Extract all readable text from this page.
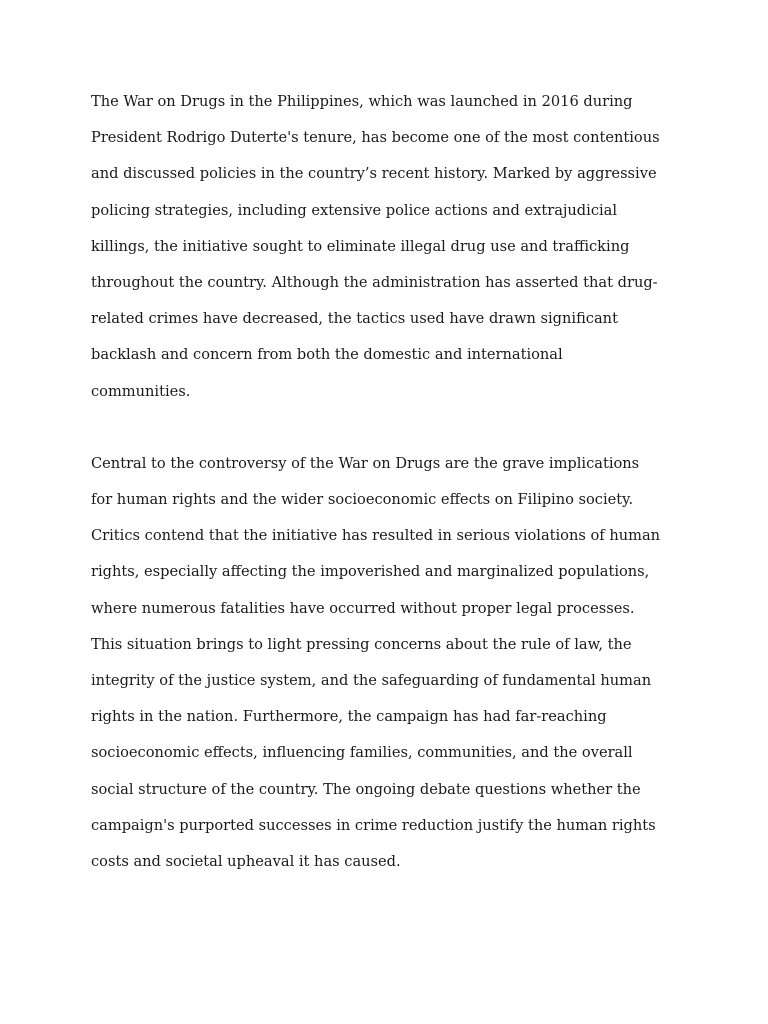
The War on Drugs in the Philippines, which was launched in 2016 during
President Rodrigo Duterte's tenure, has become one of the most contentious
and discussed policies in the country’s recent history. Marked by aggressive
policing strategies, including extensive police actions and extrajudicial
killings, the initiative sought to eliminate illegal drug use and trafficking
throughout the country. Although the administration has asserted that drug-
related crimes have decreased, the tactics used have drawn significant
backlash and concern from both the domestic and international
communities.

Central to the controversy of the War on Drugs are the grave implications
for human rights and the wider socioeconomic effects on Filipino society.
Critics contend that the initiative has resulted in serious violations of human
rights, especially affecting the impoverished and marginalized populations,
where numerous fatalities have occurred without proper legal processes.
This situation brings to light pressing concerns about the rule of law, the
integrity of the justice system, and the safeguarding of fundamental human
rights in the nation. Furthermore, the campaign has had far-reaching
socioeconomic effects, influencing families, communities, and the overall
social structure of the country. The ongoing debate questions whether the
campaign's purported successes in crime reduction justify the human rights
costs and societal upheaval it has caused.
